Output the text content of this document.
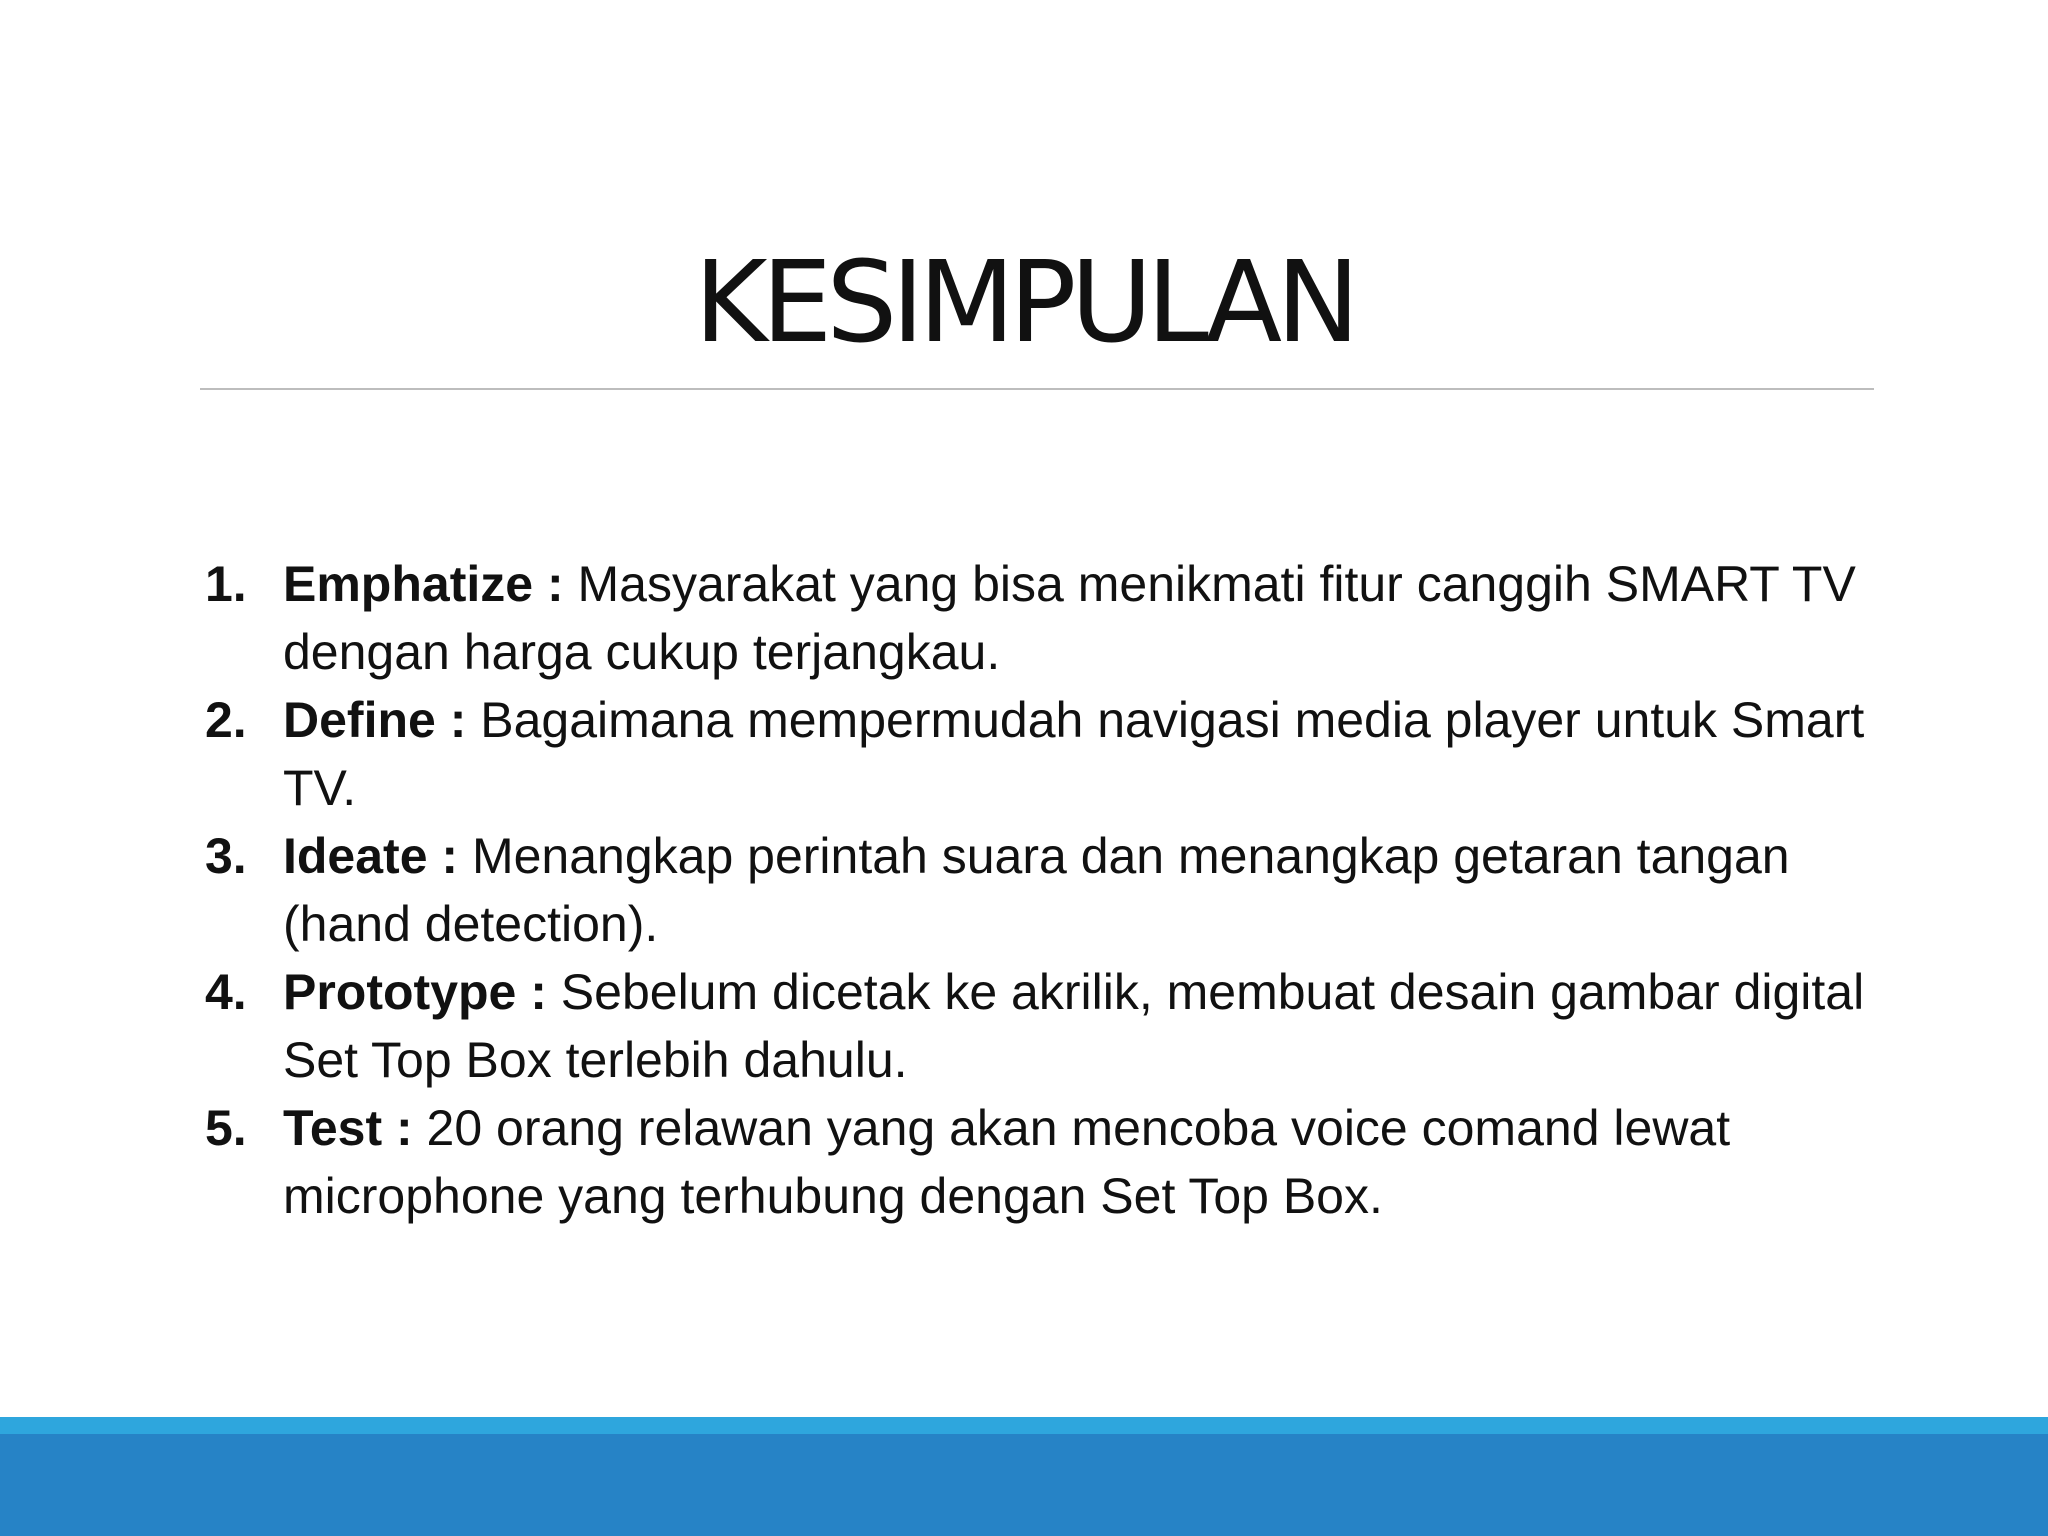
KESIMPULAN
1. Emphatize : Masyarakat yang bisa menikmati fitur canggih SMART TV dengan harga cukup terjangkau.
2. Define : Bagaimana mempermudah navigasi media player untuk Smart TV.
3. Ideate : Menangkap perintah suara dan menangkap getaran tangan (hand detection).
4. Prototype : Sebelum dicetak ke akrilik, membuat desain gambar digital Set Top Box terlebih dahulu.
5. Test : 20 orang relawan yang akan mencoba voice comand lewat microphone yang terhubung dengan Set Top Box.
